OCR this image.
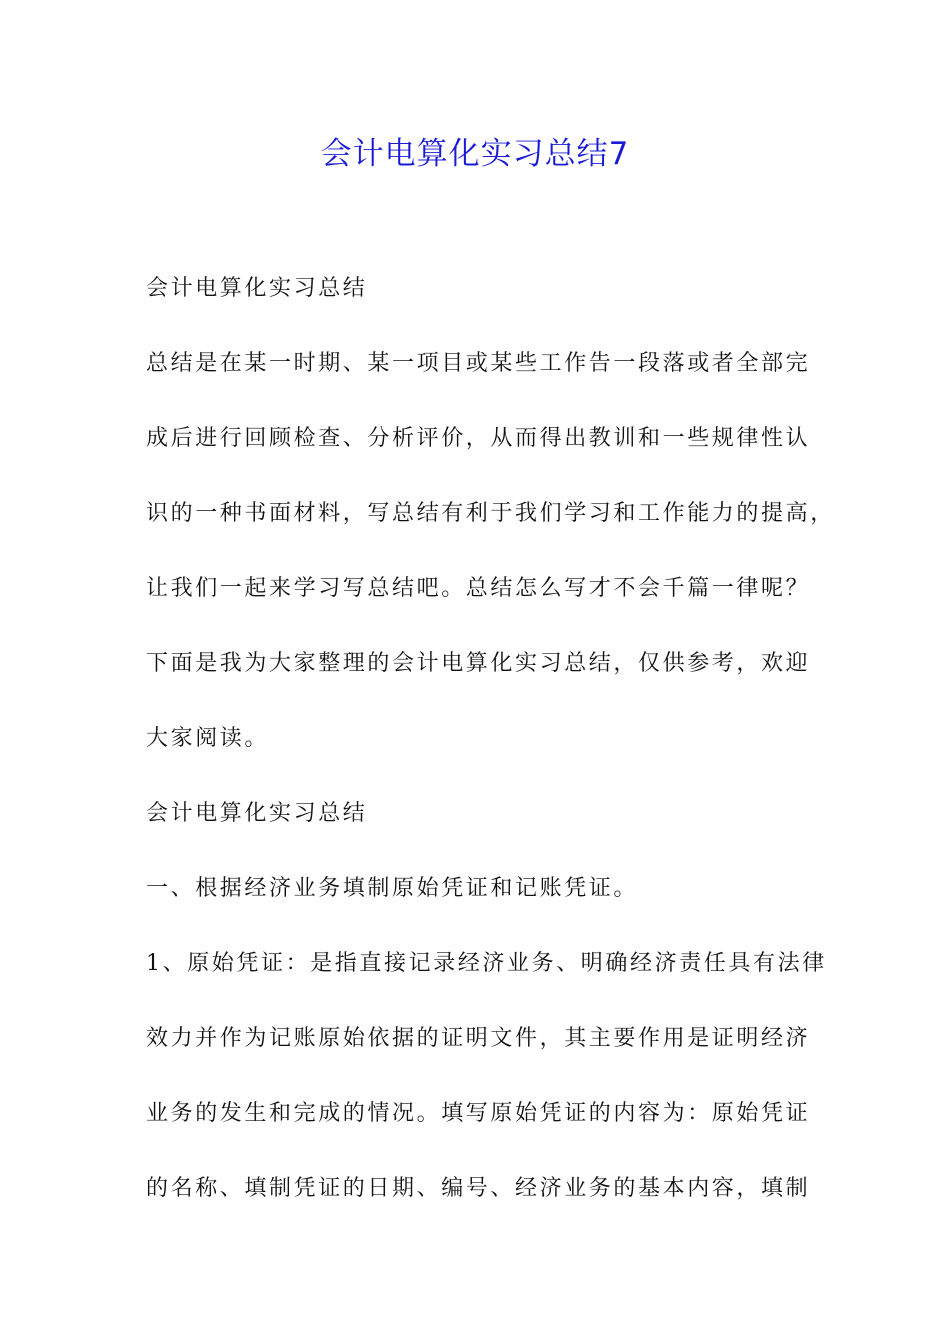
会计电算化实习总结7

会计电算化实习总结

总结是在某一时期、某一项目或某些工作告一段落或者全部完

成后进行回顾检查、分析评价，从而得出教训和一些规律性认

识的一种书面材料，写总结有利于我们学习和工作能力的提高，

让我们一起来学习写总结吧。总结怎么写才不会千篇一律呢？

下面是我为大家整理的会计电算化实习总结，仅供参考，欢迎

大家阅读。

会计电算化实习总结

一、根据经济业务填制原始凭证和记账凭证。

1、原始凭证：是指直接记录经济业务、明确经济责任具有法律

效力并作为记账原始依据的证明文件，其主要作用是证明经济

业务的发生和完成的情况。填写原始凭证的内容为：原始凭证

的名称、填制凭证的日期、编号、经济业务的基本内容，填制
